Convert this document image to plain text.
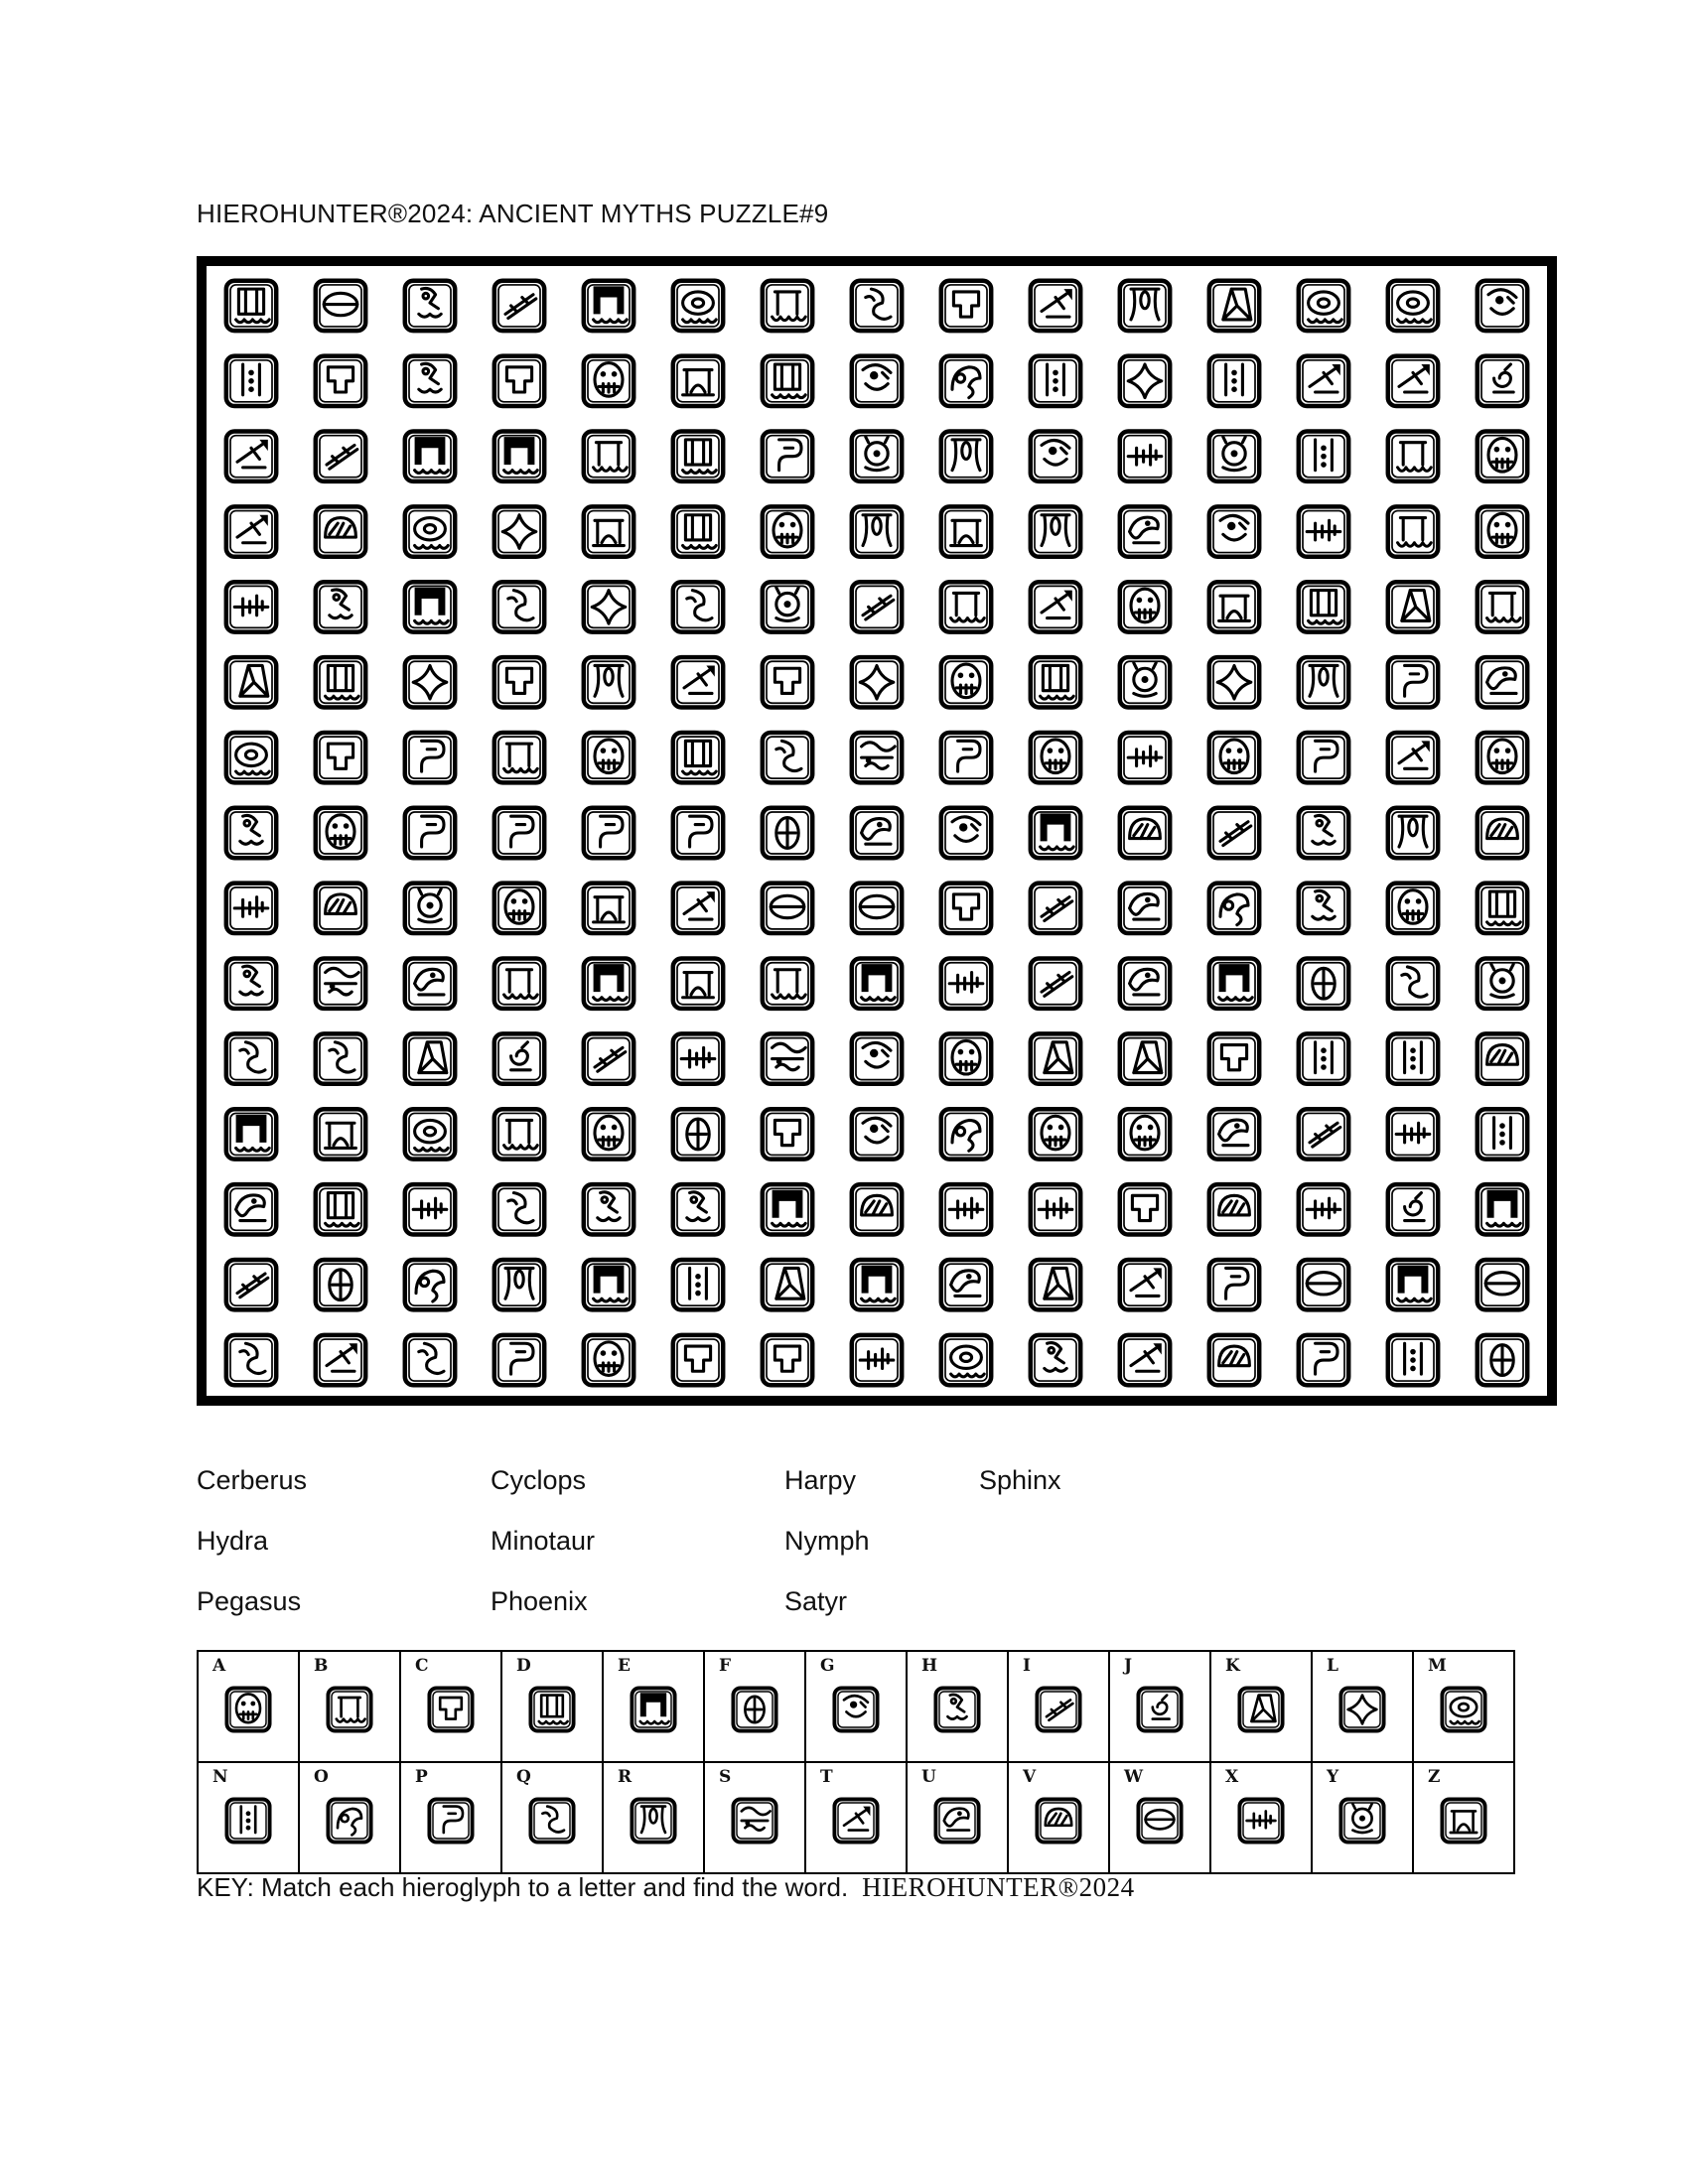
HIEROHUNTER®2024: ANCIENT MYTHS PUZZLE#9
Cerberus	Cyclops	Harpy	Sphinx
Hydra	Minotaur	Nymph
Pegasus	Phoenix	Satyr
A	B	C	D	E	F	G	H	I	J	K	L	M

N	O	P	Q	R	S	T	U	V	W	X	Y	Z
KEY: Match each hieroglyph to a letter and find the word. HIEROHUNTER®2024
